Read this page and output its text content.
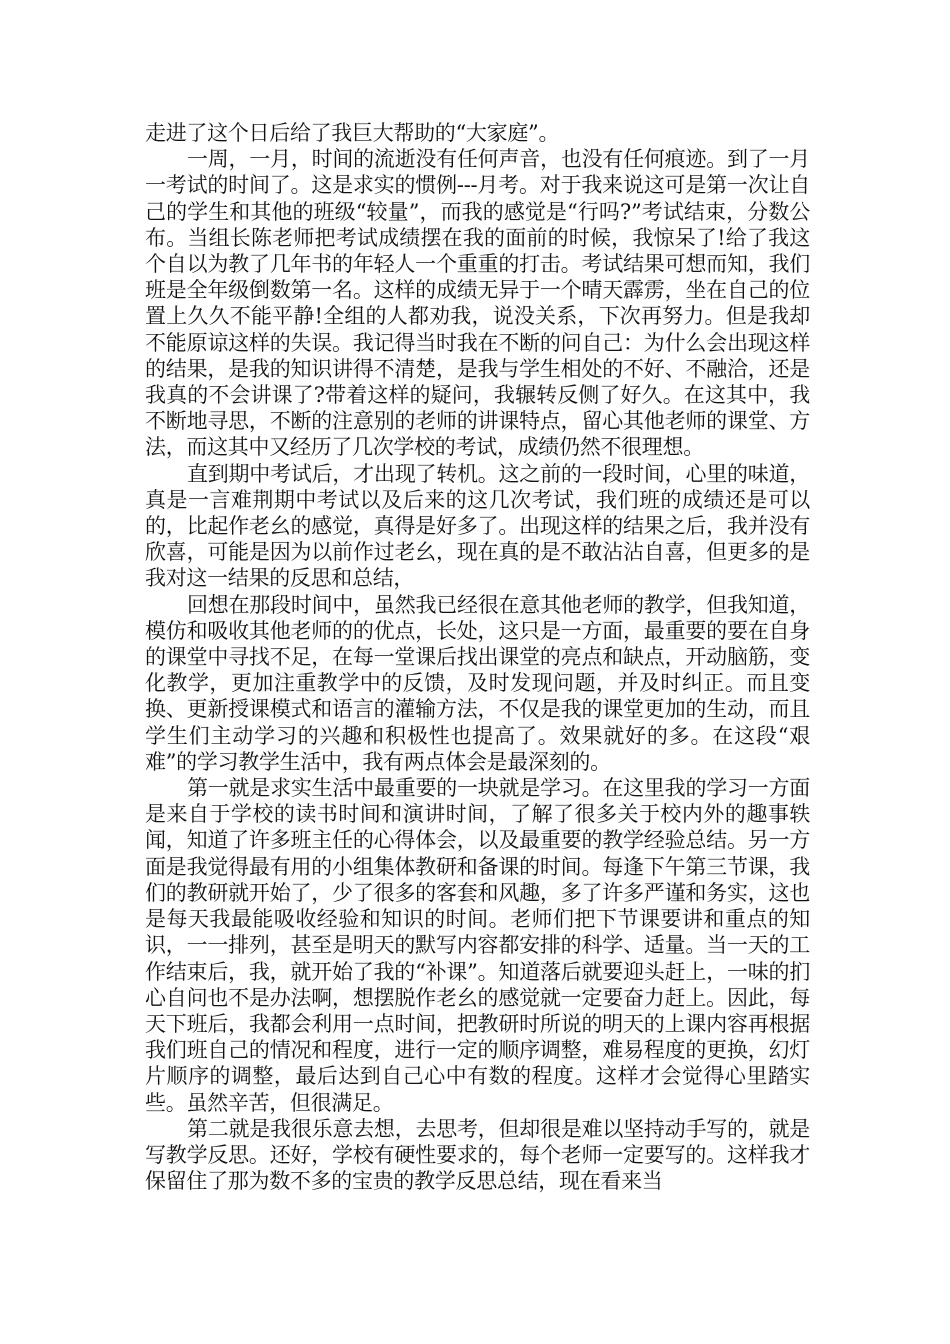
走进了这个日后给了我巨大帮助的“大家庭”。

一周，一月，时间的流逝没有任何声音，也没有任何痕迹。到了一月一考试的时间了。这是求实的惯例---月考。对于我来说这可是第一次让自己的学生和其他的班级“较量”，而我的感觉是“行吗?”考试结束，分数公布。当组长陈老师把考试成绩摆在我的面前的时候，我惊呆了!给了我这个自以为教了几年书的年轻人一个重重的打击。考试结果可想而知，我们班是全年级倒数第一名。这样的成绩无异于一个晴天霹雳，坐在自己的位置上久久不能平静!全组的人都劝我，说没关系，下次再努力。但是我却不能原谅这样的失误。我记得当时我在不断的问自己：为什么会出现这样的结果，是我的知识讲得不清楚，是我与学生相处的不好、不融洽，还是我真的不会讲课了?带着这样的疑问，我辗转反侧了好久。在这其中，我不断地寻思，不断的注意别的老师的讲课特点，留心其他老师的课堂、方法，而这其中又经历了几次学校的考试，成绩仍然不很理想。

直到期中考试后，才出现了转机。这之前的一段时间，心里的味道，真是一言难荆期中考试以及后来的这几次考试，我们班的成绩还是可以的，比起作老幺的感觉，真得是好多了。出现这样的结果之后，我并没有欣喜，可能是因为以前作过老幺，现在真的是不敢沾沾自喜，但更多的是我对这一结果的反思和总结，

回想在那段时间中，虽然我已经很在意其他老师的教学，但我知道，模仿和吸收其他老师的的优点，长处，这只是一方面，最重要的要在自身的课堂中寻找不足，在每一堂课后找出课堂的亮点和缺点，开动脑筋，变化教学，更加注重教学中的反馈，及时发现问题，并及时纠正。而且变换、更新授课模式和语言的灌输方法，不仅是我的课堂更加的生动，而且学生们主动学习的兴趣和积极性也提高了。效果就好的多。在这段“艰难”的学习教学生活中，我有两点体会是最深刻的。

第一就是求实生活中最重要的一块就是学习。在这里我的学习一方面是来自于学校的读书时间和演讲时间，了解了很多关于校内外的趣事轶闻，知道了许多班主任的心得体会，以及最重要的教学经验总结。另一方面是我觉得最有用的小组集体教研和备课的时间。每逢下午第三节课，我们的教研就开始了，少了很多的客套和风趣，多了许多严谨和务实，这也是每天我最能吸收经验和知识的时间。老师们把下节课要讲和重点的知识，一一排列，甚至是明天的默写内容都安排的科学、适量。当一天的工作结束后，我，就开始了我的“补课”。知道落后就要迎头赶上，一味的扪心自问也不是办法啊，想摆脱作老幺的感觉就一定要奋力赶上。因此，每天下班后，我都会利用一点时间，把教研时所说的明天的上课内容再根据我们班自己的情况和程度，进行一定的顺序调整，难易程度的更换，幻灯片顺序的调整，最后达到自己心中有数的程度。这样才会觉得心里踏实些。虽然辛苦，但很满足。

第二就是我很乐意去想，去思考，但却很是难以坚持动手写的，就是写教学反思。还好，学校有硬性要求的，每个老师一定要写的。这样我才保留住了那为数不多的宝贵的教学反思总结，现在看来当
